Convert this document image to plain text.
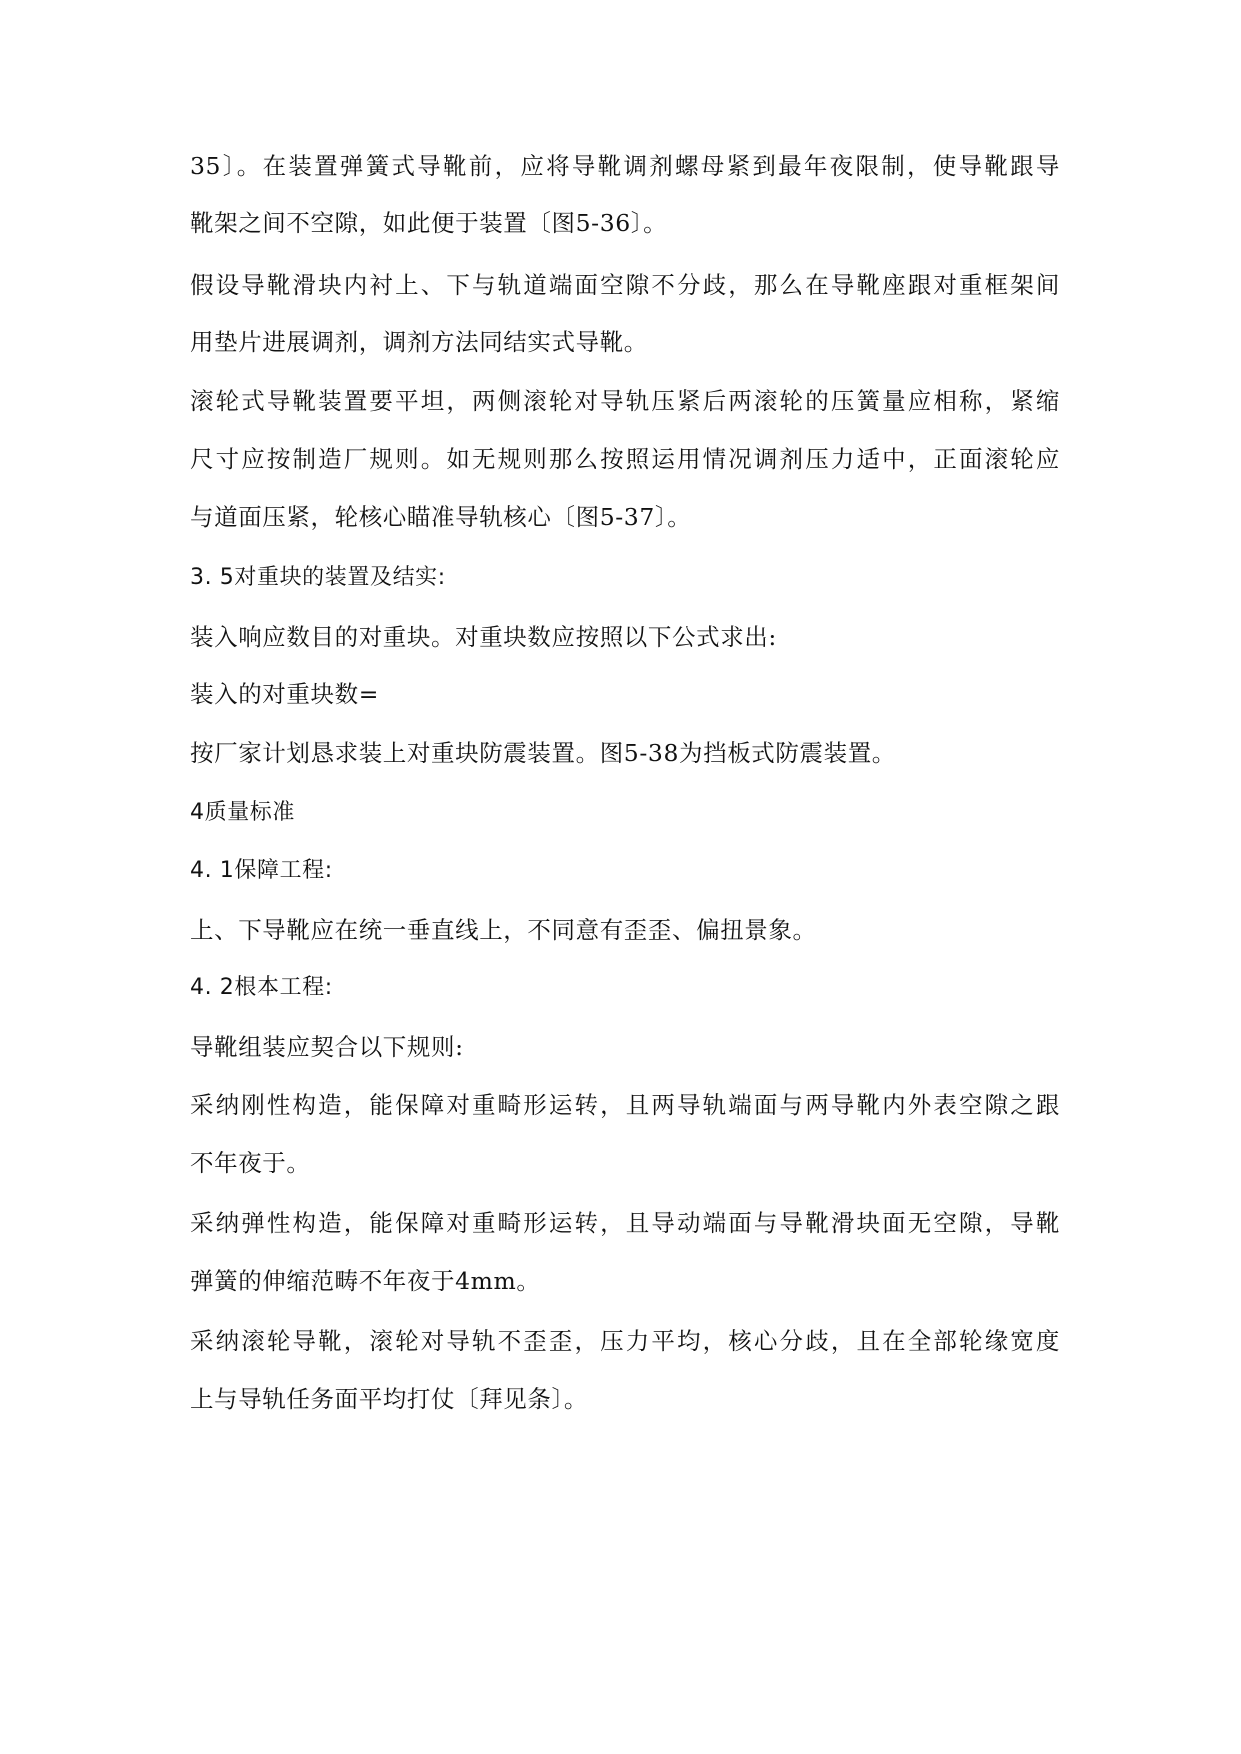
35〕。在装置弹簧式导靴前，应将导靴调剂螺母紧到最年夜限制，使导靴跟导
靴架之间不空隙，如此便于装置〔图5-36〕。
假设导靴滑块内衬上、下与轨道端面空隙不分歧，那么在导靴座跟对重框架间
用垫片进展调剂，调剂方法同结实式导靴。
滚轮式导靴装置要平坦，两侧滚轮对导轨压紧后两滚轮的压簧量应相称，紧缩
尺寸应按制造厂规则。如无规则那么按照运用情况调剂压力适中，正面滚轮应
与道面压紧，轮核心瞄准导轨核心〔图5-37〕。
3. 5对重块的装置及结实:
装入响应数目的对重块。对重块数应按照以下公式求出:
装入的对重块数=
按厂家计划恳求装上对重块防震装置。图5-38为挡板式防震装置。
4质量标准
4. 1保障工程:
上、下导靴应在统一垂直线上，不同意有歪歪、偏扭景象。
4. 2根本工程:
导靴组装应契合以下规则:
采纳刚性构造，能保障对重畸形运转，且两导轨端面与两导靴内外表空隙之跟
不年夜于。
采纳弹性构造，能保障对重畸形运转，且导动端面与导靴滑块面无空隙，导靴
弹簧的伸缩范畴不年夜于4mm。
采纳滚轮导靴，滚轮对导轨不歪歪，压力平均，核心分歧，且在全部轮缘宽度
上与导轨任务面平均打仗〔拜见条〕。
